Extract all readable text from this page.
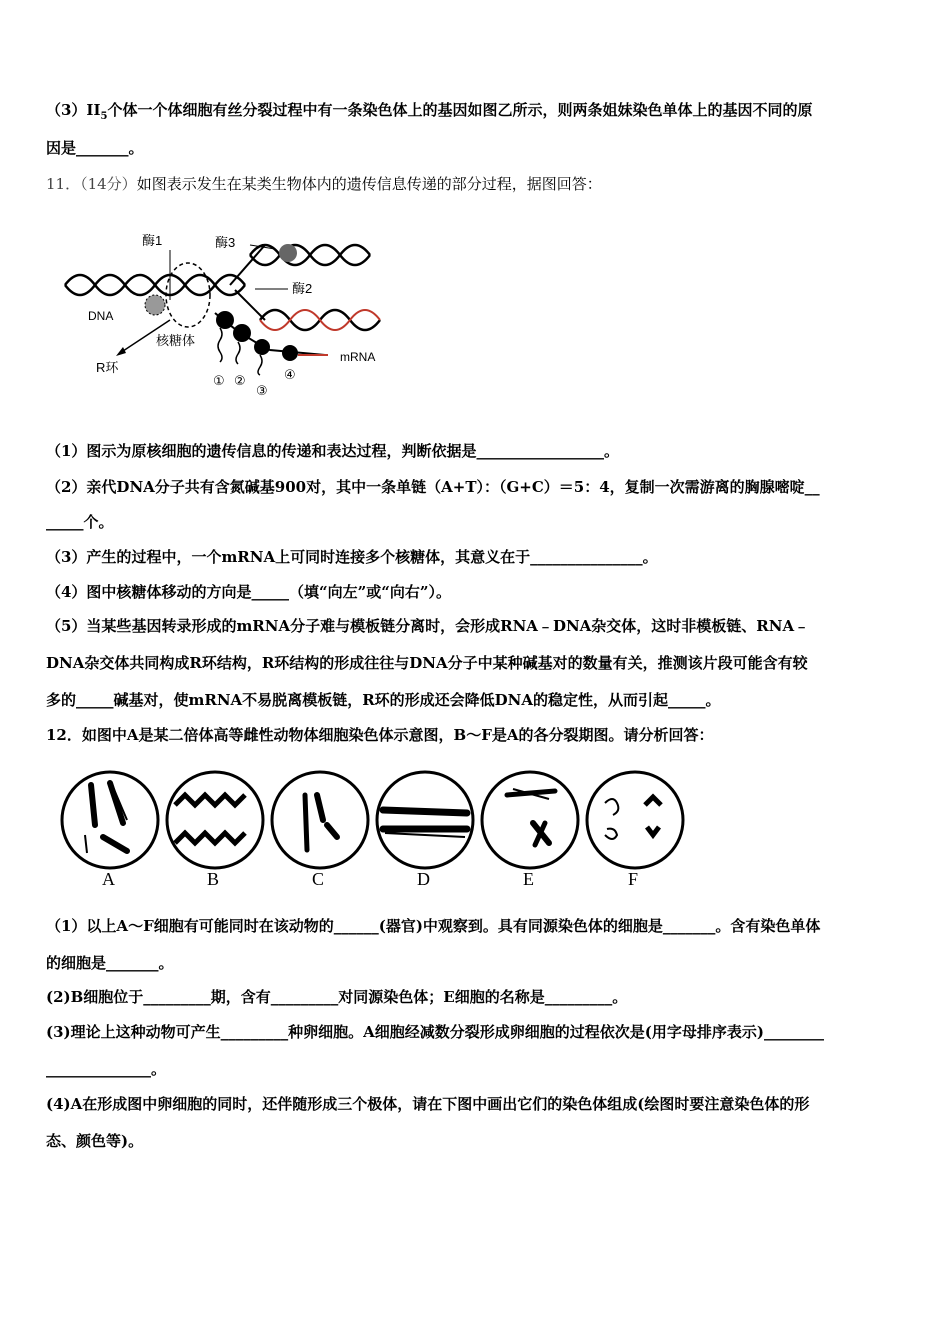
$(3)II_5$个体一个体细胞有丝分裂过程中有一条染色体上的基因如图乙所示，则两条姐妹染色单体上的基因不同的原
因是_______。
11．（14分）如图表示发生在某类生物体内的遗传信息传递的部分过程，据图回答：
酶1	酶3
酶2
DNA
核糖体
R环
mRNA
① ②
③
④
（1）图示为原核细胞的遗传信息的传递和表达过程，判断依据是_________________。
（2）亲代DNA分子共有含氮碱基900对，其中一条单链（A+T）：（G+C）＝5：4，复制一次需游离的胸腺嘧啶__
_____个。
（3）产生的过程中，一个mRNA上可同时连接多个核糖体，其意义在于_______________。
（4）图中核糖体移动的方向是_____（填“向左”或“向右”）。
（5）当某些基因转录形成的mRNA分子难与模板链分离时，会形成RNA﹣DNA杂交体，这时非模板链、RNA﹣
DNA杂交体共同构成R环结构，R环结构的形成往往与DNA分子中某种碱基对的数量有关，推测该片段可能含有较
多的_____碱基对，使mRNA不易脱离模板链，R环的形成还会降低DNA的稳定性，从而引起_____。
12．如图中A是某二倍体高等雌性动物体细胞染色体示意图，B～F是A的各分裂期图。请分析回答：
A	B	C	D	E	F
（1）以上A～F细胞有可能同时在该动物的______(器官)中观察到。具有同源染色体的细胞是_______。含有染色单体
的细胞是_______。
(2)B细胞位于_________期，含有_________对同源染色体；E细胞的名称是_________。
(3)理论上这种动物可产生_________种卵细胞。A细胞经减数分裂形成卵细胞的过程依次是(用字母排序表示)________
______________。
(4)A在形成图中卵细胞的同时，还伴随形成三个极体，请在下图中画出它们的染色体组成(绘图时要注意染色体的形
态、颜色等)。
